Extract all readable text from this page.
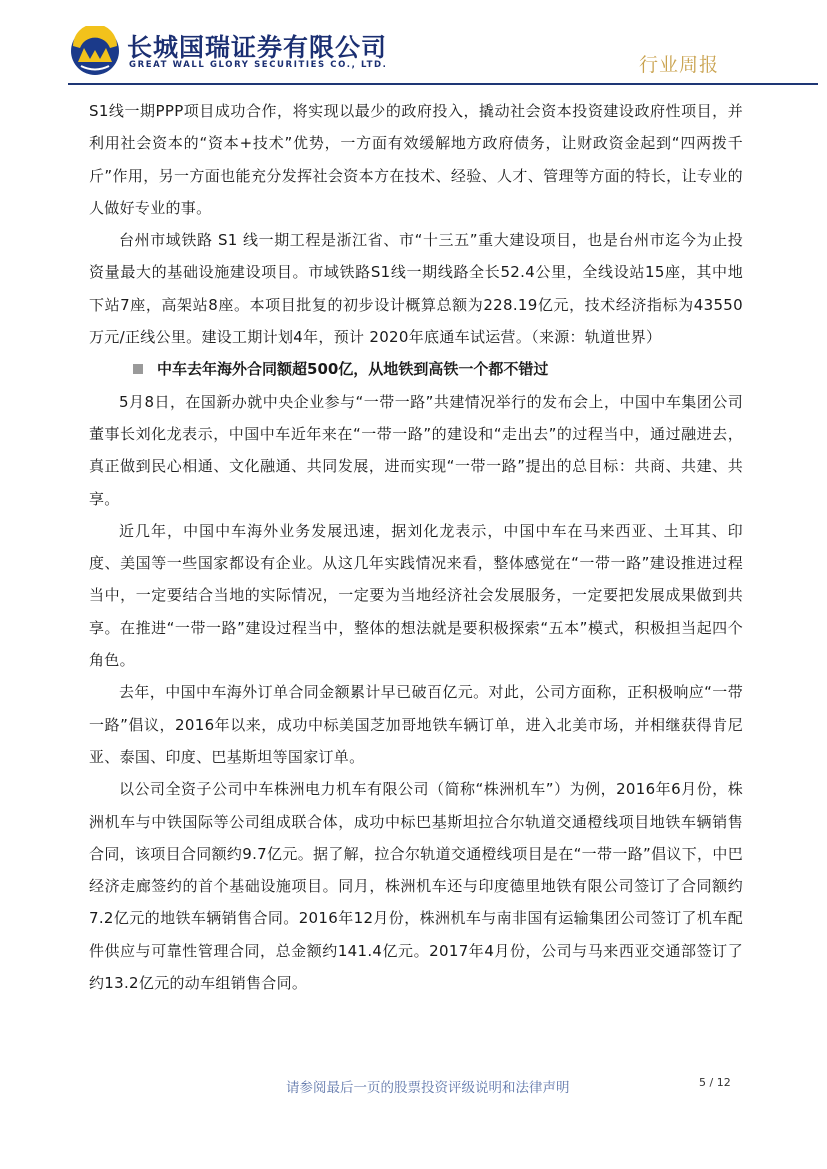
长城国瑞证券有限公司
GREAT WALL GLORY SECURITIES CO., LTD.	行业周报

S1线一期PPP项目成功合作，将实现以最少的政府投入，撬动社会资本投资建设政府性项目，并利用社会资本的“资本+技术”优势，一方面有效缓解地方政府债务，让财政资金起到“四两拨千斤”作用，另一方面也能充分发挥社会资本方在技术、经验、人才、管理等方面的特长，让专业的人做好专业的事。

台州市域铁路 S1 线一期工程是浙江省、市“十三五”重大建设项目，也是台州市迄今为止投资量最大的基础设施建设项目。市域铁路S1线一期线路全长52.4公里，全线设站15座，其中地下站7座，高架站8座。本项目批复的初步设计概算总额为228.19亿元，技术经济指标为43550万元/正线公里。建设工期计划4年，预计 2020年底通车试运营。（来源：轨道世界）

中车去年海外合同额超500亿，从地铁到高铁一个都不错过

5月8日，在国新办就中央企业参与“一带一路”共建情况举行的发布会上，中国中车集团公司董事长刘化龙表示，中国中车近年来在“一带一路”的建设和“走出去”的过程当中，通过融进去，真正做到民心相通、文化融通、共同发展，进而实现“一带一路”提出的总目标：共商、共建、共享。

近几年，中国中车海外业务发展迅速，据刘化龙表示，中国中车在马来西亚、土耳其、印度、美国等一些国家都设有企业。从这几年实践情况来看，整体感觉在“一带一路”建设推进过程当中，一定要结合当地的实际情况，一定要为当地经济社会发展服务，一定要把发展成果做到共享。在推进“一带一路”建设过程当中，整体的想法就是要积极探索“五本”模式，积极担当起四个角色。

去年，中国中车海外订单合同金额累计早已破百亿元。对此，公司方面称，正积极响应“一带一路”倡议，2016年以来，成功中标美国芝加哥地铁车辆订单，进入北美市场，并相继获得肯尼亚、泰国、印度、巴基斯坦等国家订单。

以公司全资子公司中车株洲电力机车有限公司（简称“株洲机车”）为例，2016年6月份，株洲机车与中铁国际等公司组成联合体，成功中标巴基斯坦拉合尔轨道交通橙线项目地铁车辆销售合同，该项目合同额约9.7亿元。据了解，拉合尔轨道交通橙线项目是在“一带一路”倡议下，中巴经济走廊签约的首个基础设施项目。同月，株洲机车还与印度德里地铁有限公司签订了合同额约7.2亿元的地铁车辆销售合同。2016年12月份，株洲机车与南非国有运输集团公司签订了机车配件供应与可靠性管理合同，总金额约141.4亿元。2017年4月份，公司与马来西亚交通部签订了约13.2亿元的动车组销售合同。

请参阅最后一页的股票投资评级说明和法律声明	5 / 12
